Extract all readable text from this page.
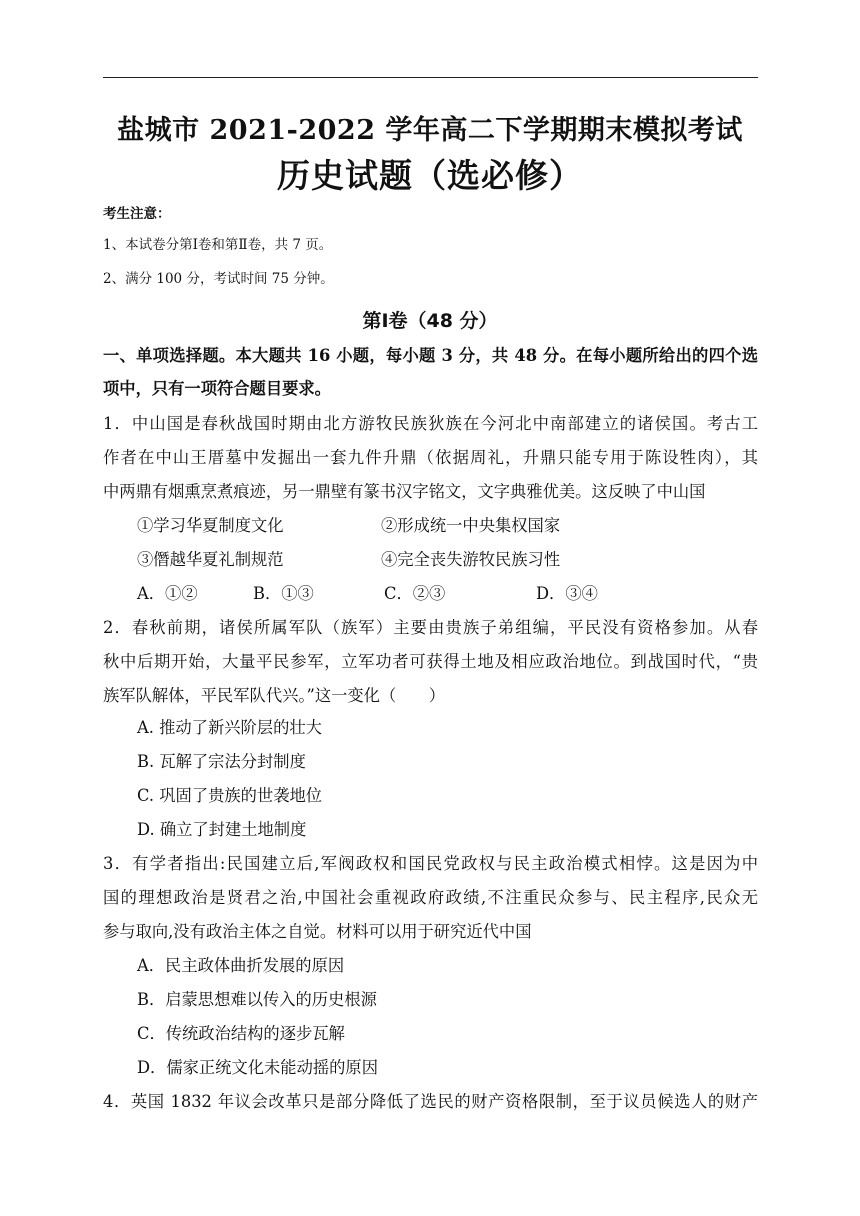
盐城市 2021-2022 学年高二下学期期末模拟考试
历史试题（选必修）
考生注意：
1、本试卷分第Ⅰ卷和第Ⅱ卷，共 7 页。
2、满分 100 分，考试时间 75 分钟。
第Ⅰ卷（48 分）
一、单项选择题。本大题共 16 小题，每小题 3 分，共 48 分。在每小题所给出的四个选
项中，只有一项符合题目要求。
1．中山国是春秋战国时期由北方游牧民族狄族在今河北中南部建立的诸侯国。考古工
作者在中山王厝墓中发掘出一套九件升鼎（依据周礼，升鼎只能专用于陈设牲肉），其
中两鼎有烟熏烹煮痕迹，另一鼎壁有篆书汉字铭文，文字典雅优美。这反映了中山国
①学习华夏制度文化	②形成统一中央集权国家
③僭越华夏礼制规范	④完全丧失游牧民族习性
A．①②	B．①③	C．②③	D．③④
2．春秋前期，诸侯所属军队（族军）主要由贵族子弟组编，平民没有资格参加。从春
秋中后期开始，大量平民参军，立军功者可获得土地及相应政治地位。到战国时代，“贵
族军队解体，平民军队代兴。”这一变化（　　）
A. 推动了新兴阶层的壮大
B. 瓦解了宗法分封制度
C. 巩固了贵族的世袭地位
D. 确立了封建土地制度
3．有学者指出:民国建立后,军阀政权和国民党政权与民主政治模式相悖。这是因为中
国的理想政治是贤君之治,中国社会重视政府政绩,不注重民众参与、民主程序,民众无
参与取向,没有政治主体之自觉。材料可以用于研究近代中国
A．民主政体曲折发展的原因
B．启蒙思想难以传入的历史根源
C．传统政治结构的逐步瓦解
D．儒家正统文化未能动摇的原因
4．英国 1832 年议会改革只是部分降低了选民的财产资格限制，至于议员候选人的财产
